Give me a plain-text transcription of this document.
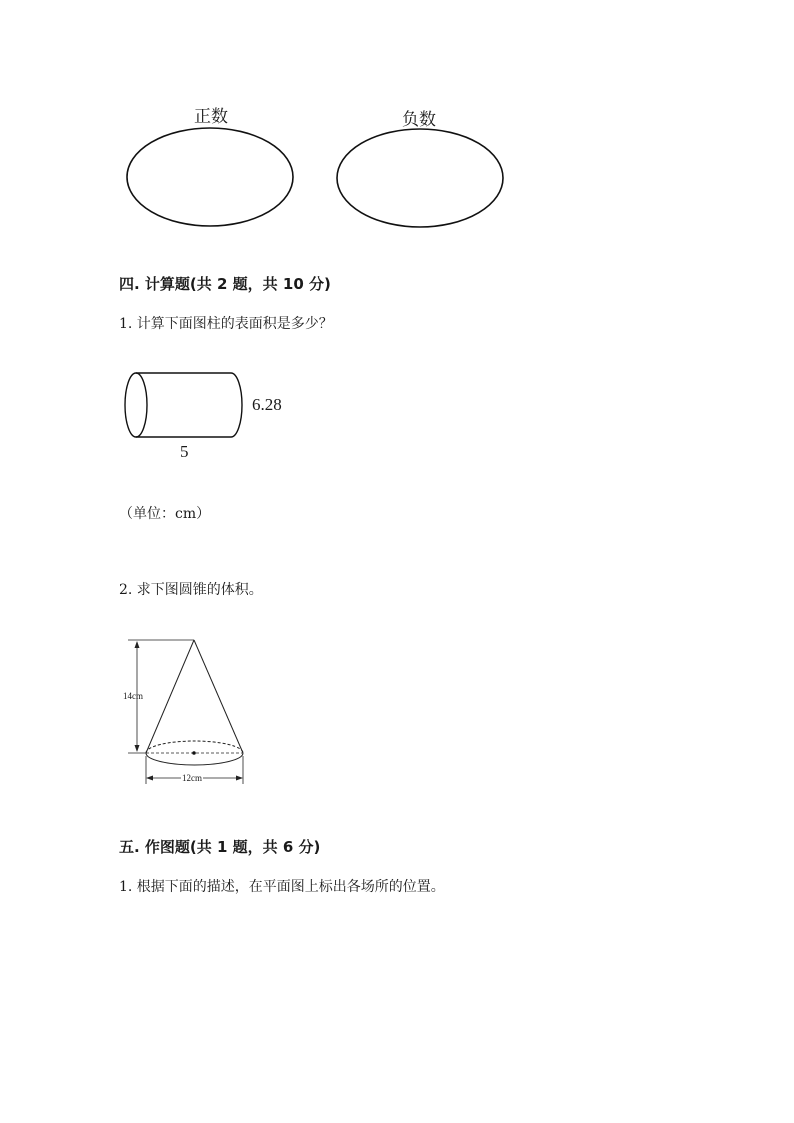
正数	负数
四. 计算题(共 2 题，共 10 分)
1. 计算下面图柱的表面积是多少？
6.28
5
（单位：cm）
2. 求下图圆锥的体积。
14cm
12cm
五. 作图题(共 1 题，共 6 分)
1. 根据下面的描述，在平面图上标出各场所的位置。
